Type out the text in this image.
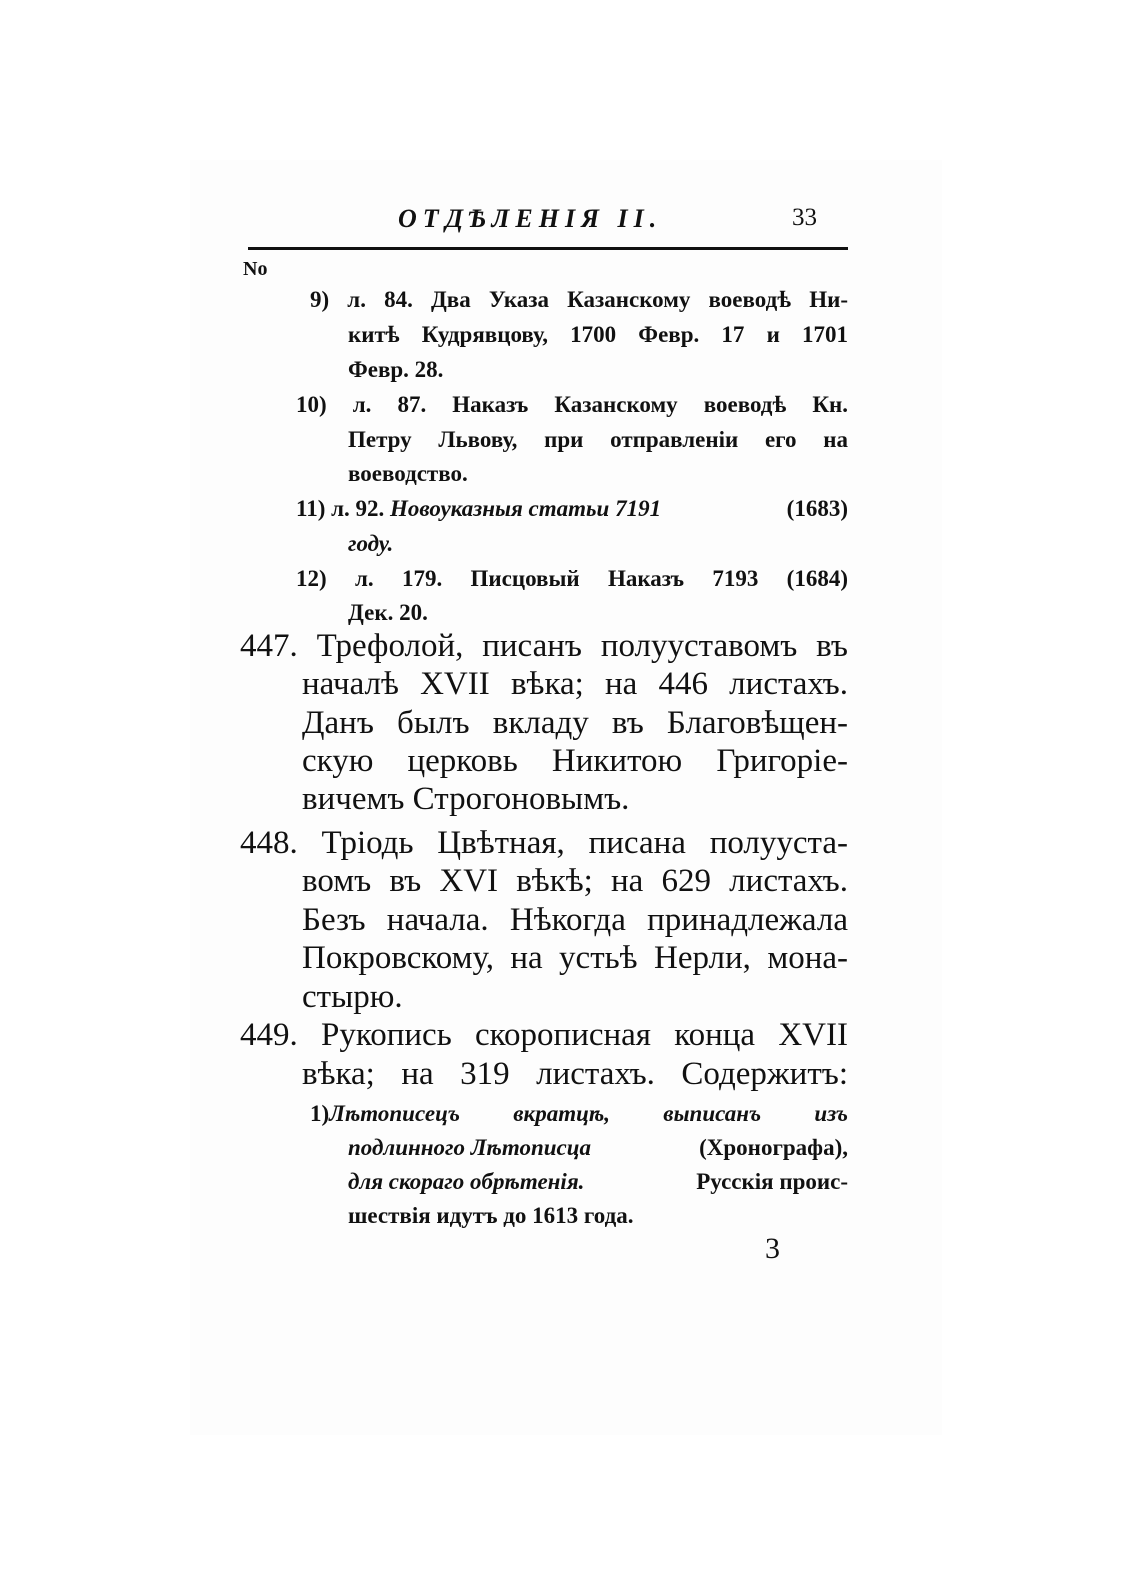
ОТДѢЛЕНІЯ II.	33
No
9) л. 84. Два Указа Казанскому воеводѣ Ни-
китѣ Кудрявцову, 1700 Февр. 17 и 1701
Февр. 28.
10) л. 87. Наказъ Казанскому воеводѣ Кн.
Петру Львову, при отправленіи его на
воеводство.
11) л. 92. Новоуказныя статьи 7191	(1683)
году.
12) л. 179. Писцовый Наказъ 7193 (1684)
Дек. 20.
447. Трефолой, писанъ полууставомъ въ
началѣ XVII вѣка; на 446 листахъ.
Данъ былъ вкладу въ Благовѣщен-
скую церковь Никитою Григоріе-
вичемъ Строгоновымъ.
448. Тріодь Цвѣтная, писана полууста-
вомъ въ XVI вѣкѣ; на 629 листахъ.
Безъ начала. Нѣкогда принадлежала
Покровскому, на устьѣ Нерли, мона-
стырю.
449. Рукопись скорописная конца XVII
вѣка; на 319 листахъ. Содержитъ:
1) Лѣтописецъ вкратцѣ, выписанъ изъ
подлинного Лѣтописца	(Хронографа),
для скораго обрѣтенія.	Русскія проис-
шествія идутъ до 1613 года.
3
